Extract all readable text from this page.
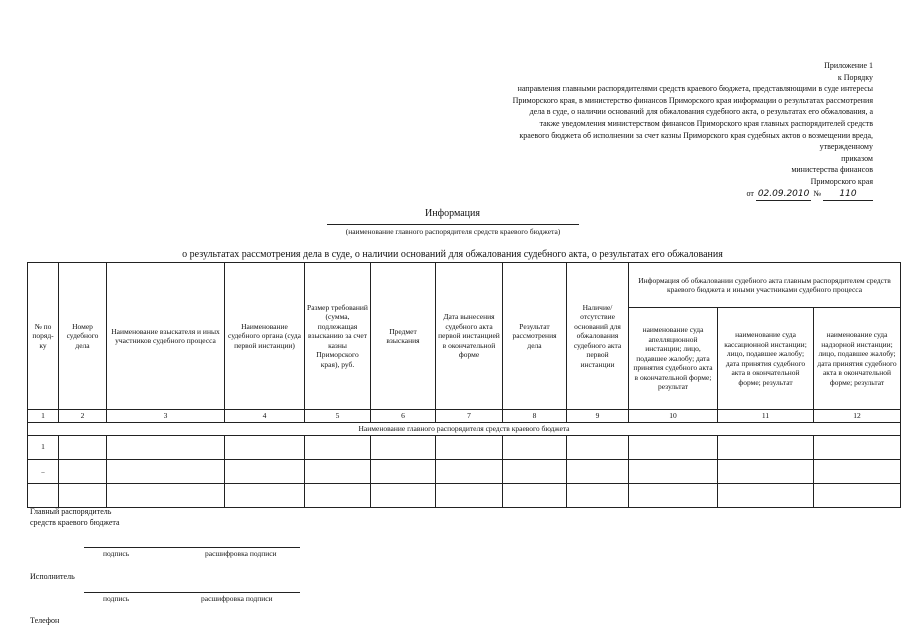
Приложение 1
к Порядку
направления главными распорядителями средств краевого бюджета, представляющими в суде интересы
Приморского края, в министерство финансов Приморского края информации о результатах рассмотрения
дела в суде, о наличии оснований для обжалования судебного акта, о результатах его обжалования, а
также уведомления министерством финансов Приморского края главных распорядителей средств
краевого бюджета об исполнении за счет казны Приморского края судебных актов о возмещении вреда,
утвержденному
приказом
министерства финансов
Приморского края
от 02.09.2010 № 110
Информация
(наименование главного распорядителя средств краевого бюджета)
о результатах рассмотрения дела в суде, о наличии оснований для обжалования судебного акта, о результатах его обжалования
№ по поряд-ку	Номер судебного дела	Наименование взыскателя и иных участников судебного процесса	Наименование судебного органа (суда первой инстанции)	Размер требований (сумма, подлежащая взысканию за счет казны Приморского края), руб.	Предмет взыскания	Дата вынесения судебного акта первой инстанцией в окончательной форме	Результат рассмотрения дела	Наличие/отсутствие оснований для обжалования судебного акта первой инстанции	Информация об обжаловании судебного акта главным распорядителем средств краевого бюджета и иными участниками судебного процесса		
									наименование суда апелляционной инстанции; лицо, подавшее жалобу; дата принятия судебного акта в окончательной форме; результат	наименование суда кассационной инстанции; лицо, подавшее жалобу; дата принятия судебного акта в окончательной форме; результат	наименование суда надзорной инстанции; лицо, подавшее жалобу; дата принятия судебного акта в окончательной форме; результат
1	2	3	4	5	6	7	8	9	10	11	12
Наименование главного распорядителя средств краевого бюджета											
1											
..											

Главный распорядитель
средств краевого бюджета
подпись	расшифровка подписи
Исполнитель
подпись	расшифровка подписи
Телефон
